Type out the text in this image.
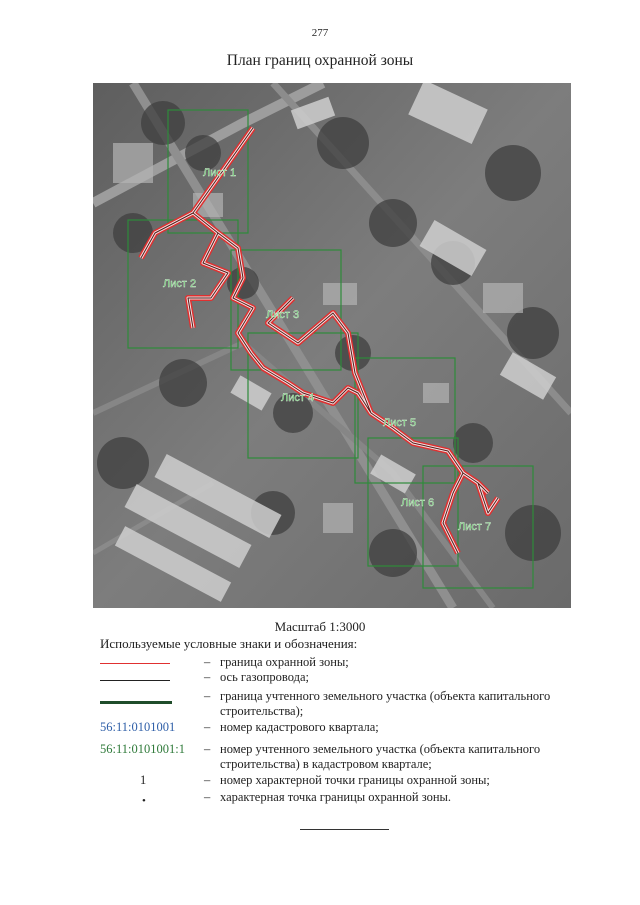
277
План границ охранной зоны
Лист 1
Лист 2
Лист 3
Лист 4
Лист 5
Лист 6
Лист 7
Масштаб 1:3000
Используемые условные знаки и обозначения:
– граница охранной зоны;
– ось газопровода;
– граница учтенного земельного участка (объекта капитального строительства);
56:11:0101001	– номер кадастрового квартала;
56:11:0101001:1	– номер учтенного земельного участка (объекта капитального строительства) в кадастровом квартале;
1	– номер характерной точки границы охранной зоны;
•	– характерная точка границы охранной зоны.
